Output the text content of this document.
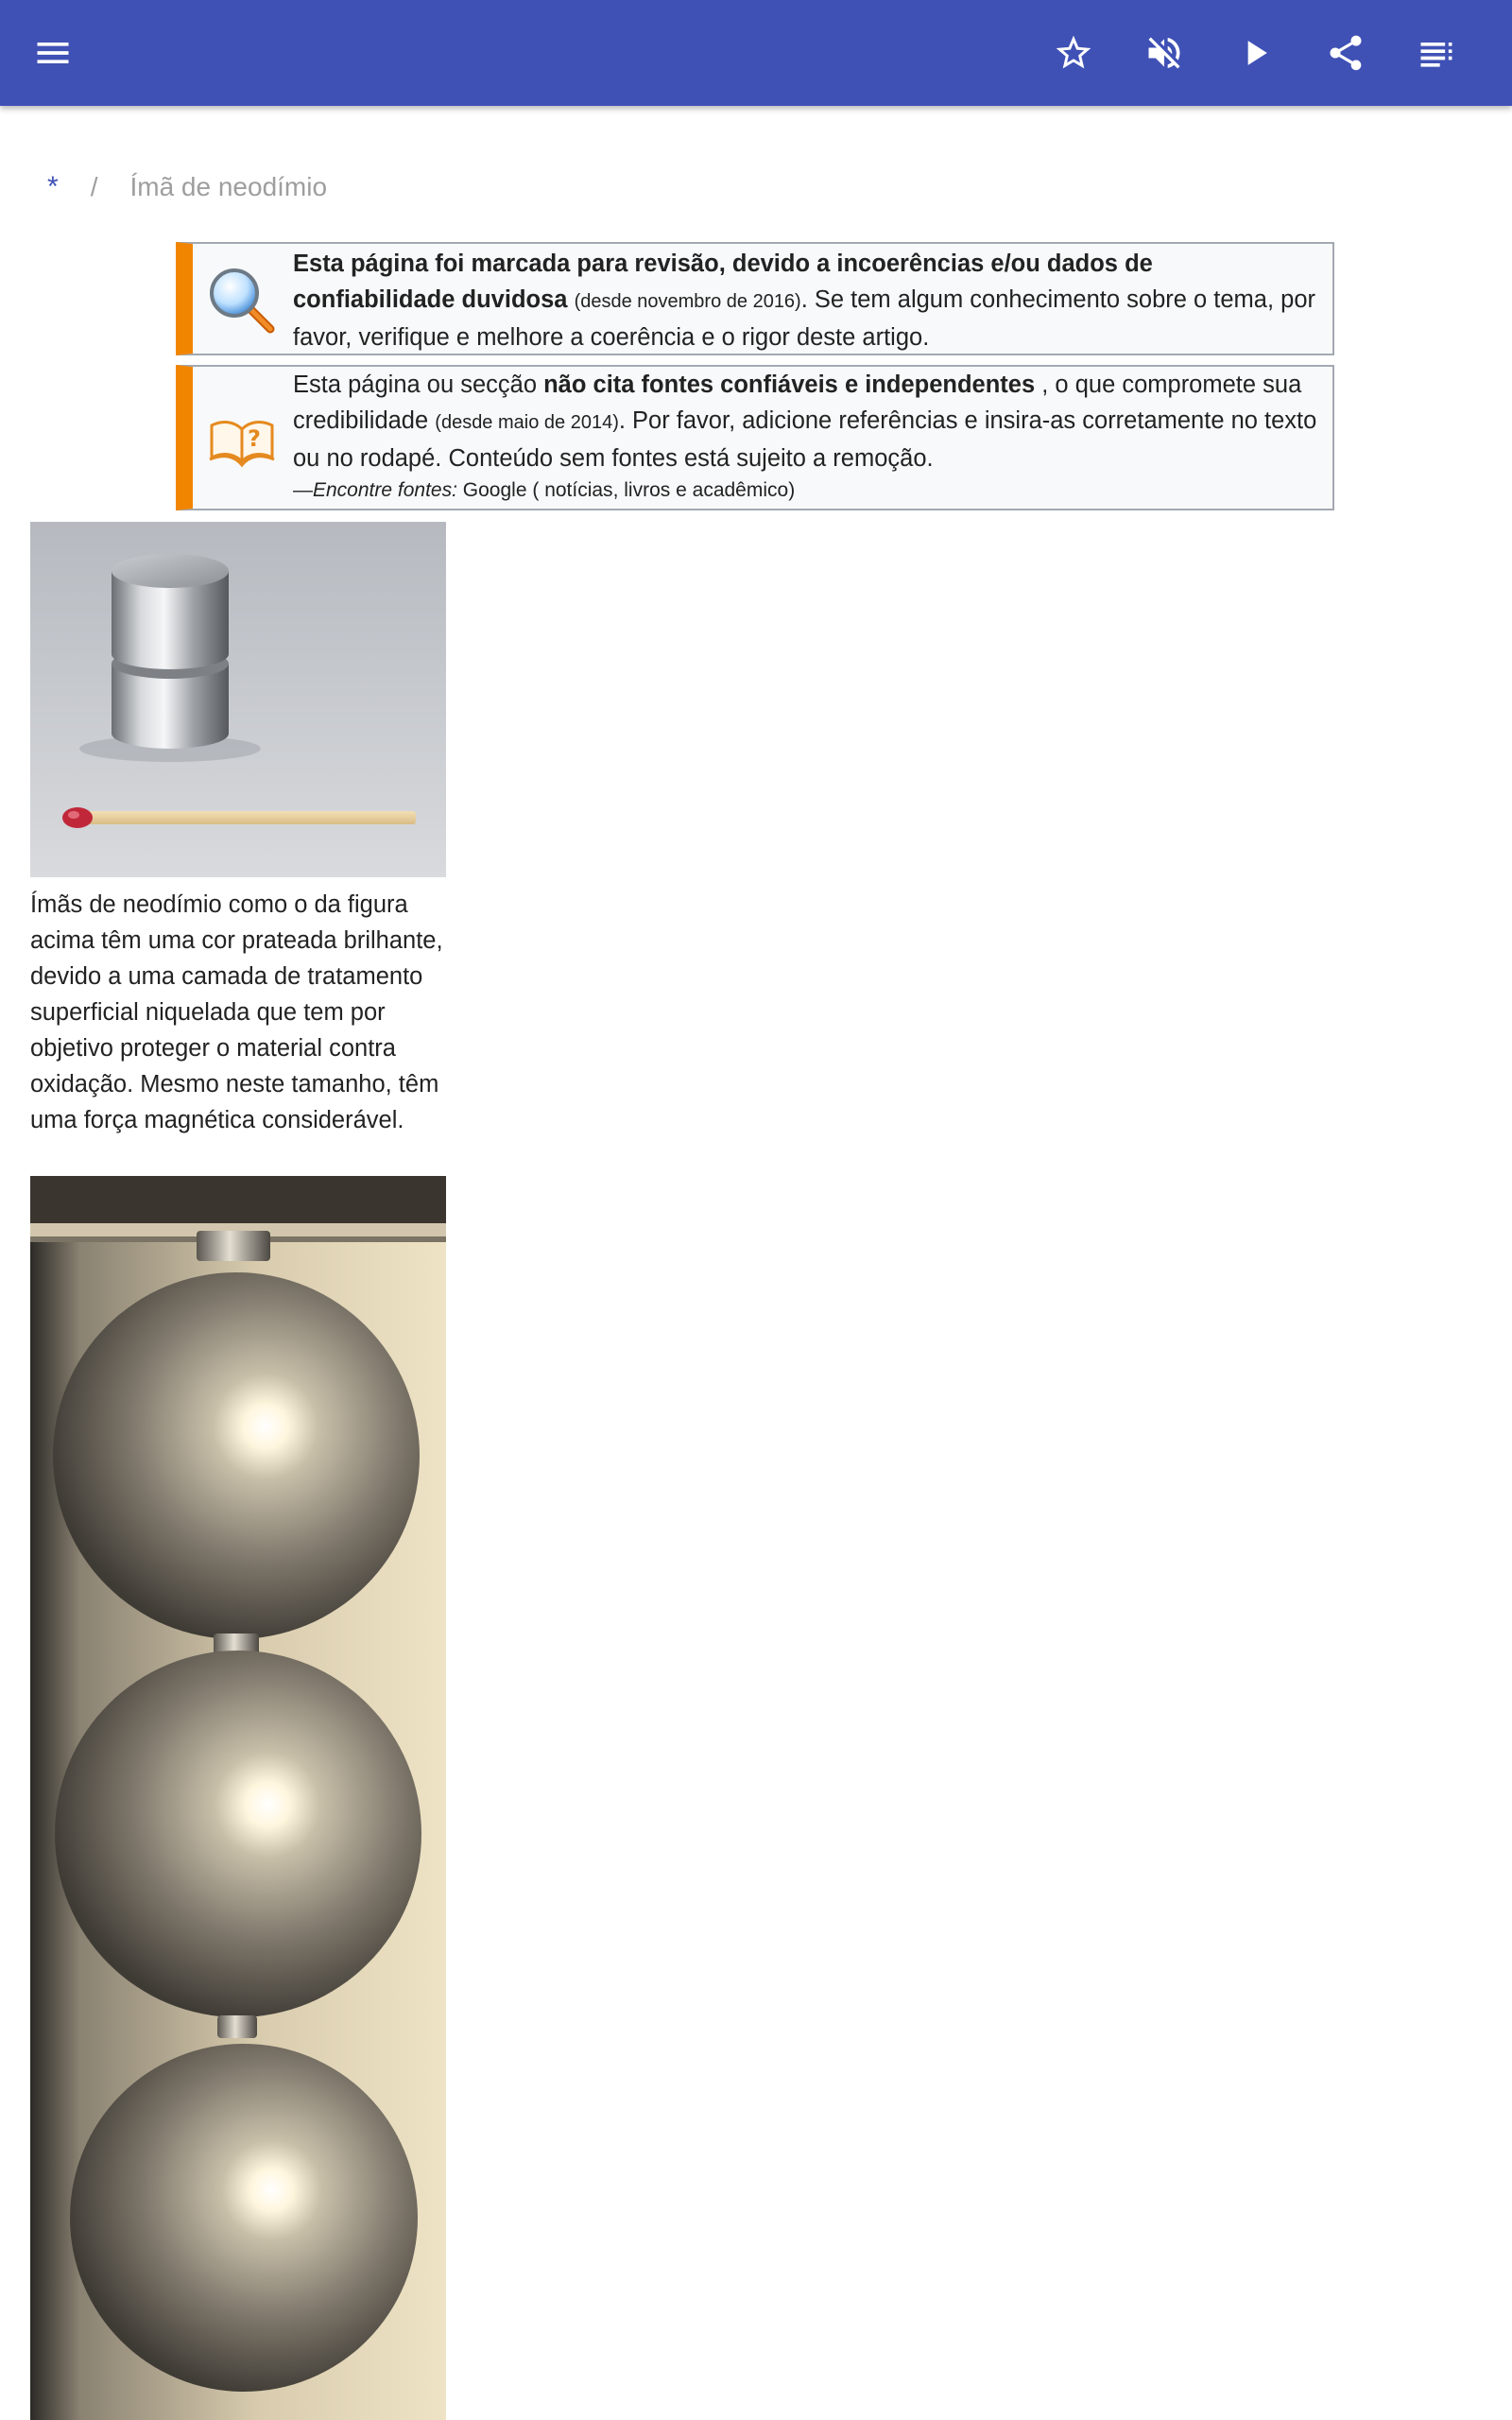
* / Ímã de neodímio
Esta página foi marcada para revisão, devido a incoerências e/ou dados de confiabilidade duvidosa (desde novembro de 2016). Se tem algum conhecimento sobre o tema, por favor, verifique e melhore a coerência e o rigor deste artigo.
?
Esta página ou secção não cita fontes confiáveis e independentes , o que compromete sua credibilidade (desde maio de 2014). Por favor, adicione referências e insira-as corretamente no texto ou no rodapé. Conteúdo sem fontes está sujeito a remoção.
—Encontre fontes: Google ( notícias, livros e acadêmico)
Ímãs de neodímio como o da figura acima têm uma cor prateada brilhante, devido a uma camada de tratamento superficial niquelada que tem por objetivo proteger o material contra oxidação. Mesmo neste tamanho, têm uma força magnética considerável.
